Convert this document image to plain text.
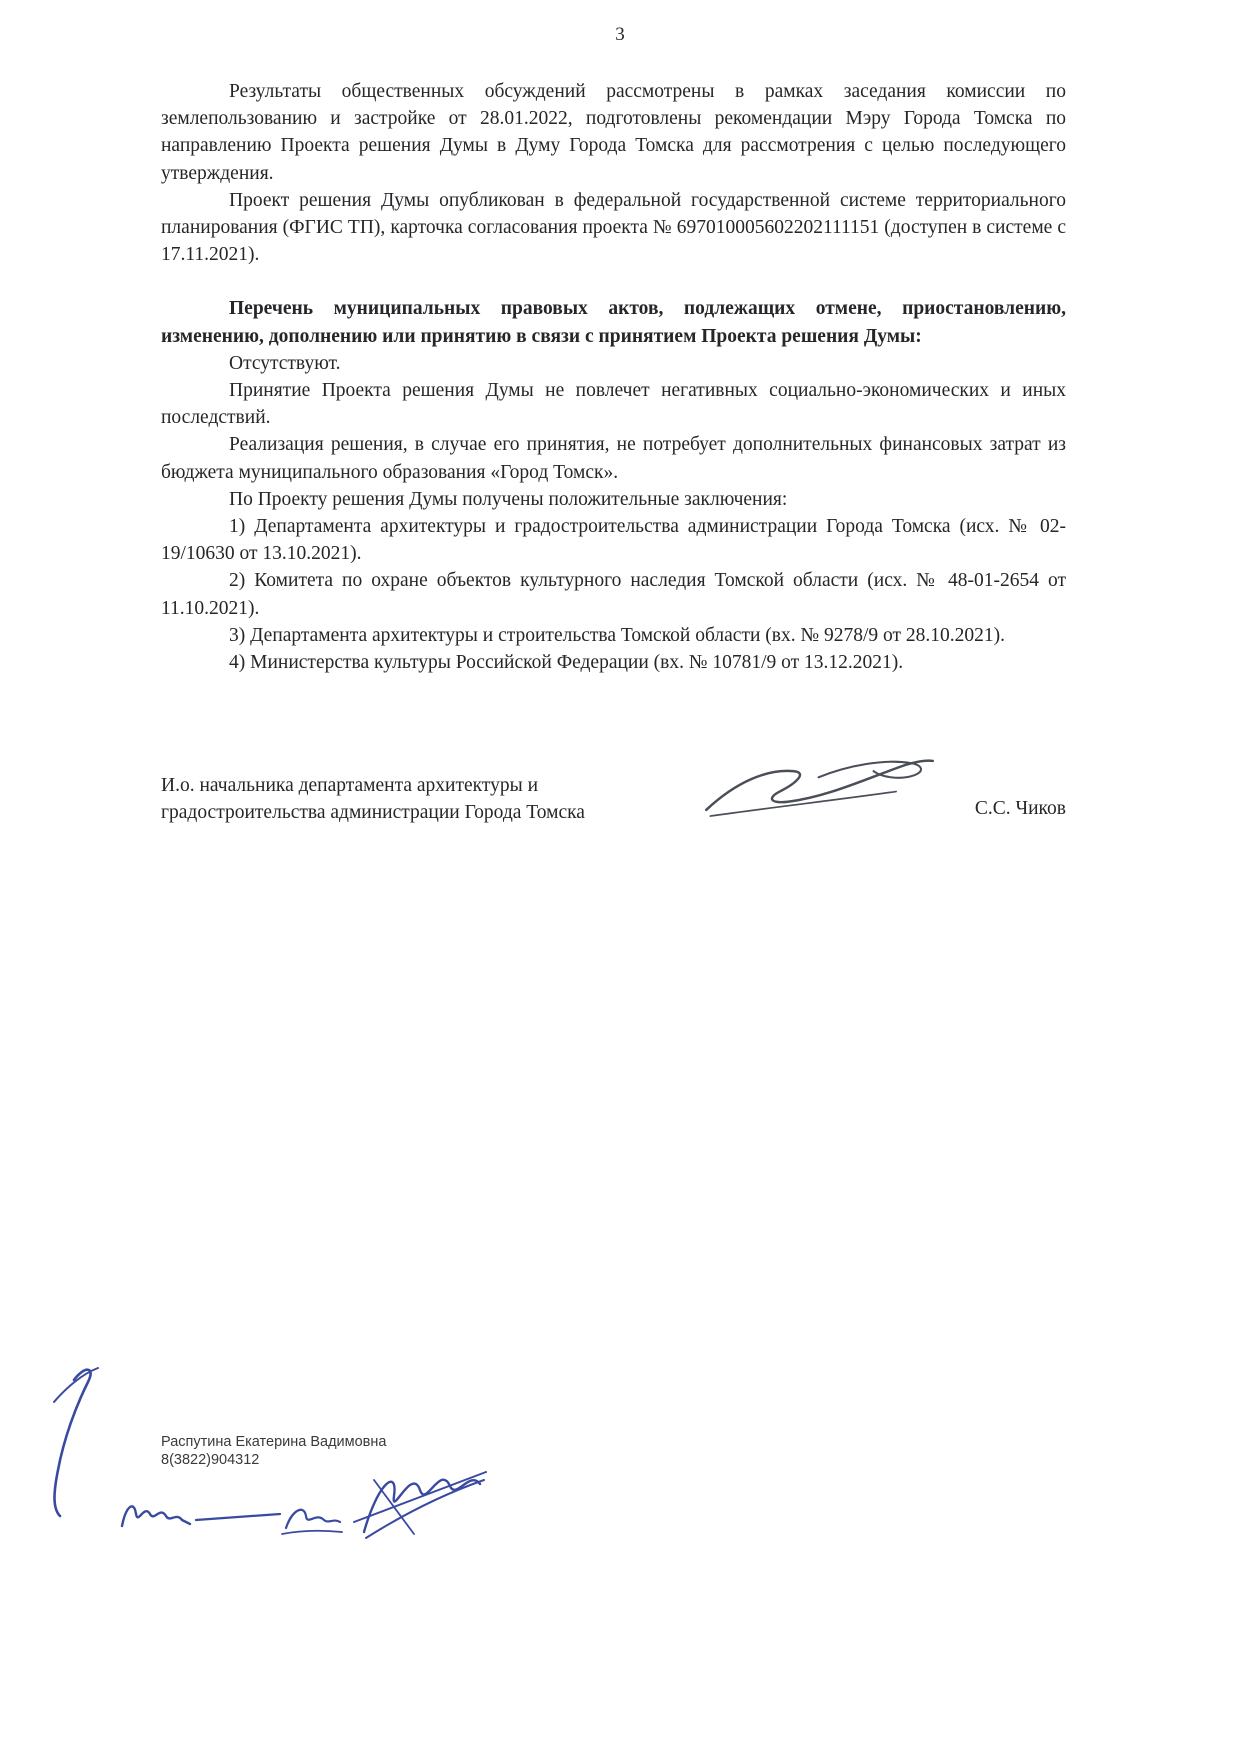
3

Результаты общественных обсуждений рассмотрены в рамках заседания комиссии по землепользованию и застройке от 28.01.2022, подготовлены рекомендации Мэру Города Томска по направлению Проекта решения Думы в Думу Города Томска для рассмотрения с целью последующего утверждения.

Проект решения Думы опубликован в федеральной государственной системе территориального планирования (ФГИС ТП), карточка согласования проекта № 697010005602202111151 (доступен в системе с 17.11.2021).

Перечень муниципальных правовых актов, подлежащих отмене, приостановлению, изменению, дополнению или принятию в связи с принятием Проекта решения Думы:

Отсутствуют.

Принятие Проекта решения Думы не повлечет негативных социально-экономических и иных последствий.

Реализация решения, в случае его принятия, не потребует дополнительных финансовых затрат из бюджета муниципального образования «Город Томск».

По Проекту решения Думы получены положительные заключения:

1) Департамента архитектуры и градостроительства администрации Города Томска (исх. № 02-19/10630 от 13.10.2021).

2) Комитета по охране объектов культурного наследия Томской области (исх. № 48-01-2654 от 11.10.2021).

3) Департамента архитектуры и строительства Томской области (вх. № 9278/9 от 28.10.2021).

4) Министерства культуры Российской Федерации (вх. № 10781/9 от 13.12.2021).

И.о. начальника департамента архитектуры и
градостроительства администрации Города Томска	С.С. Чиков
Распутина Екатерина Вадимовна
8(3822)904312
